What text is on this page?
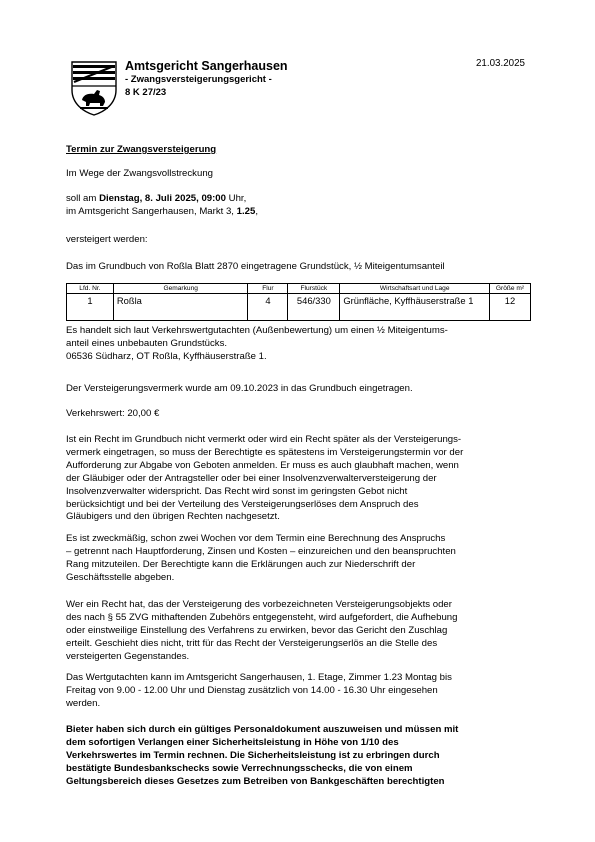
Amtsgericht Sangerhausen
- Zwangsversteigerungsgericht -
8 K 27/23
21.03.2025
Termin zur Zwangsversteigerung
Im Wege der Zwangsvollstreckung
soll am Dienstag, 8. Juli 2025, 09:00 Uhr,
im Amtsgericht Sangerhausen, Markt 3, 1.25,
versteigert werden:
Das im Grundbuch von Roßla Blatt 2870 eingetragene Grundstück, ½ Miteigentumsanteil
Lfd. Nr.	Gemarkung	Flur	Flurstück	Wirtschaftsart und Lage	Größe m²
1	Roßla	4	546/330	Grünfläche, Kyffhäuserstraße 1	12
Es handelt sich laut Verkehrswertgutachten (Außenbewertung) um einen ½ Miteigentums-
anteil eines unbebauten Grundstücks.
06536 Südharz, OT Roßla, Kyffhäuserstraße 1.
Der Versteigerungsvermerk wurde am 09.10.2023 in das Grundbuch eingetragen.
Verkehrswert: 20,00 €
Ist ein Recht im Grundbuch nicht vermerkt oder wird ein Recht später als der Versteigerungs-
vermerk eingetragen, so muss der Berechtigte es spätestens im Versteigerungstermin vor der
Aufforderung zur Abgabe von Geboten anmelden. Er muss es auch glaubhaft machen, wenn
der Gläubiger oder der Antragsteller oder bei einer Insolvenzverwalterversteigerung der
Insolvenzverwalter widerspricht. Das Recht wird sonst im geringsten Gebot nicht
berücksichtigt und bei der Verteilung des Versteigerungserlöses dem Anspruch des
Gläubigers und den übrigen Rechten nachgesetzt.
Es ist zweckmäßig, schon zwei Wochen vor dem Termin eine Berechnung des Anspruchs
– getrennt nach Hauptforderung, Zinsen und Kosten – einzureichen und den beanspruchten
Rang mitzuteilen. Der Berechtigte kann die Erklärungen auch zur Niederschrift der
Geschäftsstelle abgeben.
Wer ein Recht hat, das der Versteigerung des vorbezeichneten Versteigerungsobjekts oder
des nach § 55 ZVG mithaftenden Zubehörs entgegensteht, wird aufgefordert, die Aufhebung
oder einstweilige Einstellung des Verfahrens zu erwirken, bevor das Gericht den Zuschlag
erteilt. Geschieht dies nicht, tritt für das Recht der Versteigerungserlös an die Stelle des
versteigerten Gegenstandes.
Das Wertgutachten kann im Amtsgericht Sangerhausen, 1. Etage, Zimmer 1.23 Montag bis
Freitag von 9.00 - 12.00 Uhr und Dienstag zusätzlich von 14.00 - 16.30 Uhr eingesehen
werden.
Bieter haben sich durch ein gültiges Personaldokument auszuweisen und müssen mit
dem sofortigen Verlangen einer Sicherheitsleistung in Höhe von 1/10 des
Verkehrswertes im Termin rechnen. Die Sicherheitsleistung ist zu erbringen durch
bestätigte Bundesbankschecks sowie Verrechnungsschecks, die von einem
Geltungsbereich dieses Gesetzes zum Betreiben von Bankgeschäften berechtigten
